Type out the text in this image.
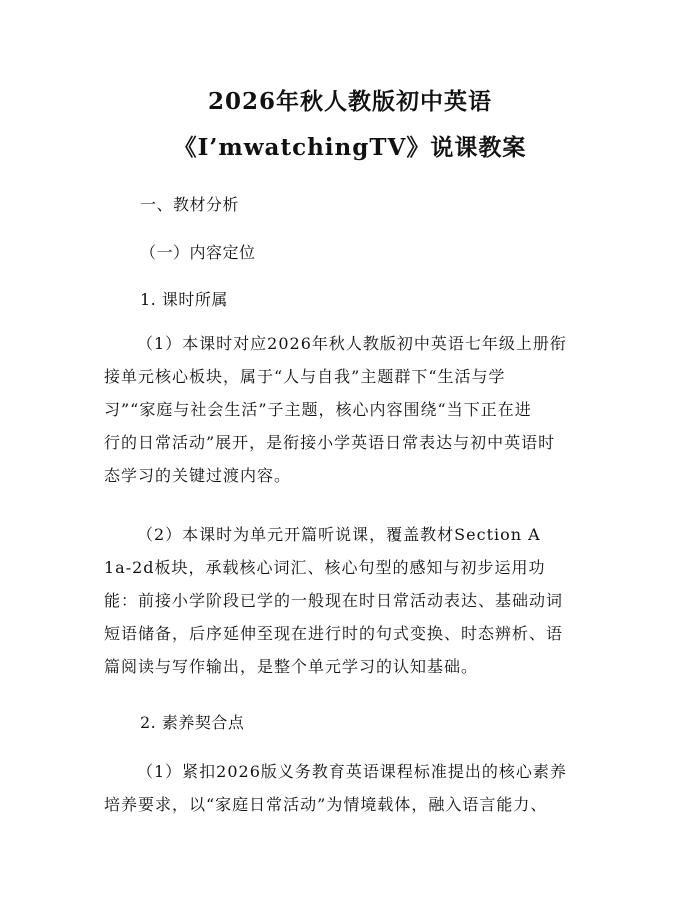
2026年秋人教版初中英语
《I’mwatchingTV》说课教案
一、教材分析
（一）内容定位
1. 课时所属
（1）本课时对应2026年秋人教版初中英语七年级上册衔
接单元核心板块，属于“人与自我”主题群下“生活与学
习”“家庭与社会生活”子主题，核心内容围绕“当下正在进
行的日常活动”展开，是衔接小学英语日常表达与初中英语时
态学习的关键过渡内容。
（2）本课时为单元开篇听说课，覆盖教材Section A
1a-2d板块，承载核心词汇、核心句型的感知与初步运用功
能：前接小学阶段已学的一般现在时日常活动表达、基础动词
短语储备，后序延伸至现在进行时的句式变换、时态辨析、语
篇阅读与写作输出，是整个单元学习的认知基础。
2. 素养契合点
（1）紧扣2026版义务教育英语课程标准提出的核心素养
培养要求，以“家庭日常活动”为情境载体，融入语言能力、
